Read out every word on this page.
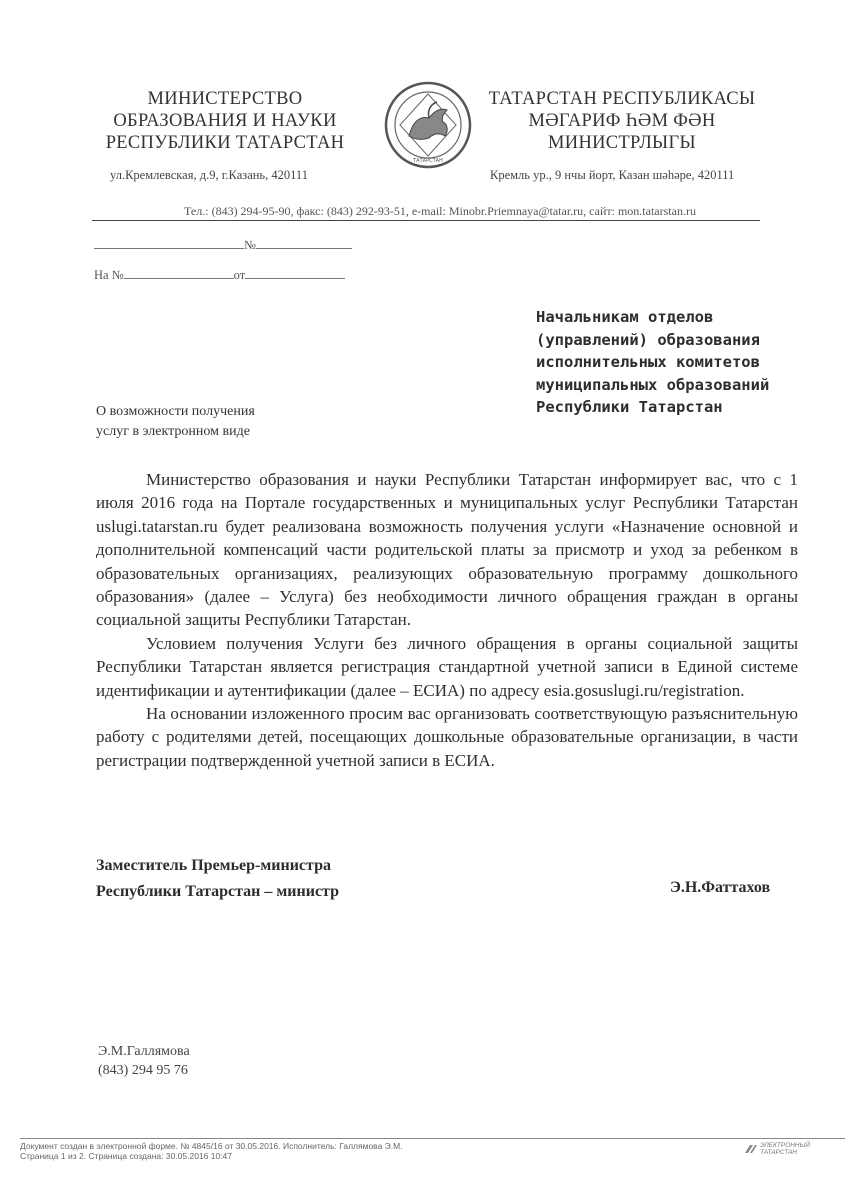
МИНИСТЕРСТВО
ОБРАЗОВАНИЯ И НАУКИ
РЕСПУБЛИКИ ТАТАРСТАН
ул.Кремлевская, д.9, г.Казань, 420111
ТАТАРСТАН
ТАТАРСТАН РЕСПУБЛИКАСЫ
МӘГАРИФ ҺӘМ ФӘН
МИНИСТРЛЫГЫ
Кремль ур., 9 нчы йорт, Казан шәһәре, 420111
Тел.: (843) 294-95-90, факс: (843) 292-93-51, e-mail: Minobr.Priemnaya@tatar.ru, сайт: mon.tatarstan.ru
№
На №	от
Начальникам отделов
(управлений) образования
исполнительных комитетов
муниципальных образований
Республики Татарстан
О возможности получения
услуг в электронном виде

Министерство образования и науки Республики Татарстан информирует вас, что с 1 июля 2016 года на Портале государственных и муниципальных услуг Республики Татарстан uslugi.tatarstan.ru будет реализована возможность получения услуги «Назначение основной и дополнительной компенсаций части родительской платы за присмотр и уход за ребенком в образовательных организациях, реализующих образовательную программу дошкольного образования» (далее – Услуга) без необходимости личного обращения граждан в органы социальной защиты Республики Татарстан.

Условием получения Услуги без личного обращения в органы социальной защиты Республики Татарстан является регистрация стандартной учетной записи в Единой системе идентификации и аутентификации (далее – ЕСИА) по адресу esia.gosuslugi.ru/registration.

На основании изложенного просим вас организовать соответствующую разъяснительную работу с родителями детей, посещающих дошкольные образовательные организации, в части регистрации подтвержденной учетной записи в ЕСИА.

Заместитель Премьер-министра
Республики Татарстан – министр	Э.Н.Фаттахов
Э.М.Галлямова
(843) 294 95 76
Документ создан в электронной форме. № 4845/16 от 30.05.2016. Исполнитель: Галлямова Э.М.
Страница 1 из 2. Страница создана: 30.05.2016 10:47
ЭЛЕКТРОННЫЙ
ТАТАРСТАН
